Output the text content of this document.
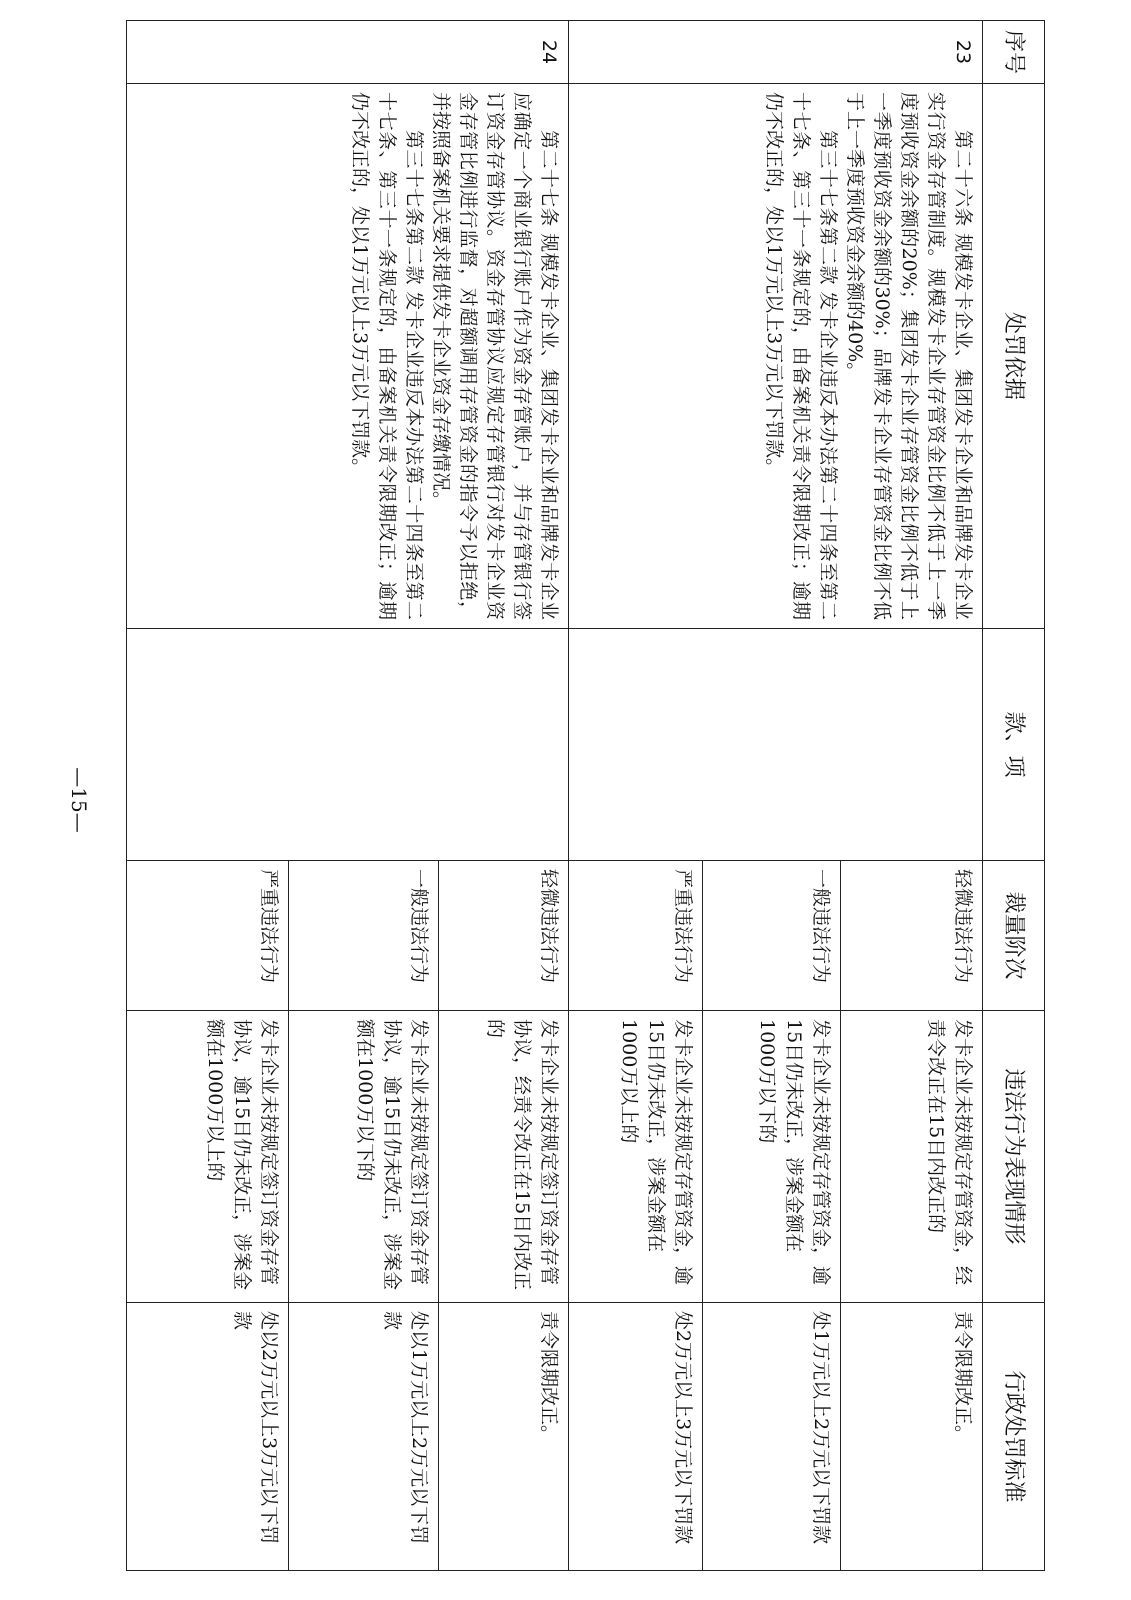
序号	处罚依据	款、项	裁量阶次	违法行为表现情形	行政处罚标准
23	第二十六条 规模发卡企业、集团发卡企业和品牌发卡企业实行资金存管制度。规模发卡企业存管资金比例不低于上一季度预收资金余额的20%；集团发卡企业存管资金比例不低于上一季度预收资金余额的30%；品牌发卡企业存管资金比例不低于上一季度预收资金余额的40%。

第三十七条第二款 发卡企业违反本办法第二十四条至第二十七条、第三十一条规定的，由备案机关责令限期改正；逾期仍不改正的，处以1万元以上3万元以下罚款。		轻微违法行为	发卡企业未按规定存管资金，经责令改正在15日内改正的	责令限期改正。
			一般违法行为	发卡企业未按规定存管资金，逾15日仍未改正，涉案金额在1000万以下的	处1万元以上2万元以下罚款
			严重违法行为	发卡企业未按规定存管资金，逾15日仍未改正，涉案金额在1000万以上的	处2万元以上3万元以下罚款
24	第二十七条 规模发卡企业、集团发卡企业和品牌发卡企业应确定一个商业银行账户作为资金存管账户，并与存管银行签订资金存管协议。资金存管协议应规定存管银行对发卡企业资金存管比例进行监督，对超额调用存管资金的指令予以拒绝，并按照备案机关要求提供发卡企业资金存缴情况。

第三十七条第二款 发卡企业违反本办法第二十四条至第二十七条、第三十一条规定的，由备案机关责令限期改正；逾期仍不改正的，处以1万元以上3万元以下罚款。		轻微违法行为	发卡企业未按规定签订资金存管协议，经责令改正在15日内改正的	责令限期改正。
			一般违法行为	发卡企业未按规定签订资金存管协议，逾15日仍未改正，涉案金额在1000万以下的	处以1万元以上2万元以下罚款
			严重违法行为	发卡企业未按规定签订资金存管协议，逾15日仍未改正，涉案金额在1000万以上的	处以2万元以上3万元以下罚款
—15—
